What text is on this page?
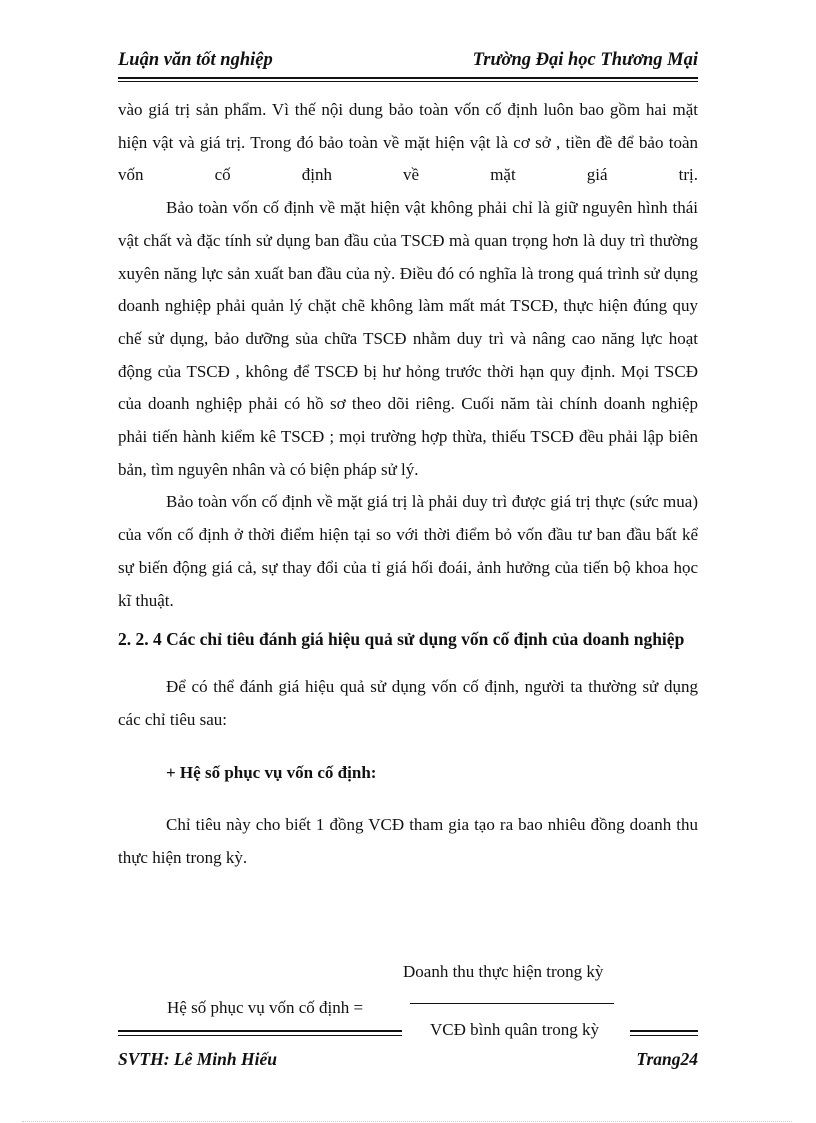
Luận văn tốt nghiệp	Trường Đại học Thương Mại

vào giá trị sản phẩm. Vì thế nội dung bảo toàn vốn cố định luôn bao gồm hai mặt hiện vật và giá trị. Trong đó bảo toàn về mặt hiện vật là cơ sở , tiền đề để bảo toàn vốn cố định về mặt giá trị.

Bảo toàn vốn cố định về mặt hiện vật không phải chỉ là giữ nguyên hình thái vật chất và đặc tính sử dụng ban đầu của TSCĐ mà quan trọng hơn là duy trì thường xuyên năng lực sản xuất ban đầu của nỳ. Điều đó có nghĩa là trong quá trình sử dụng doanh nghiệp phải quản lý chặt chẽ không làm mất mát TSCĐ, thực hiện đúng quy chế sử dụng, bảo dưỡng sủa chữa TSCĐ nhằm duy trì và nâng cao năng lực hoạt động của TSCĐ , không để TSCĐ bị hư hỏng trước thời hạn quy định. Mọi TSCĐ của doanh nghiệp phải có hồ sơ theo dõi riêng. Cuối năm tài chính doanh nghiệp phải tiến hành kiểm kê TSCĐ ; mọi trường hợp thừa, thiếu TSCĐ đều phải lập biên bản, tìm nguyên nhân và có biện pháp sử lý.

Bảo toàn vốn cố định về mặt giá trị là phải duy trì được giá trị thực (sức mua) của vốn cố định ở thời điểm hiện tại so với thời điểm bỏ vốn đầu tư ban đầu bất kể sự biến động giá cả, sự thay đổi của tỉ giá hối đoái, ảnh hưởng của tiến bộ khoa học kĩ thuật.

2. 2. 4 Các chỉ tiêu đánh giá hiệu quả sử dụng vốn cố định của doanh nghiệp

Để có thể đánh giá hiệu quả sử dụng vốn cố định, người ta thường sử dụng các chỉ tiêu sau:

+ Hệ số phục vụ vốn cố định:

Chỉ tiêu này cho biết 1 đồng VCĐ tham gia tạo ra bao nhiêu đồng doanh thu thực hiện trong kỳ.

Doanh thu thực hiện trong kỳ
Hệ số phục vụ vốn cố định =
VCĐ bình quân trong kỳ
SVTH: Lê Minh Hiếu	Trang24
